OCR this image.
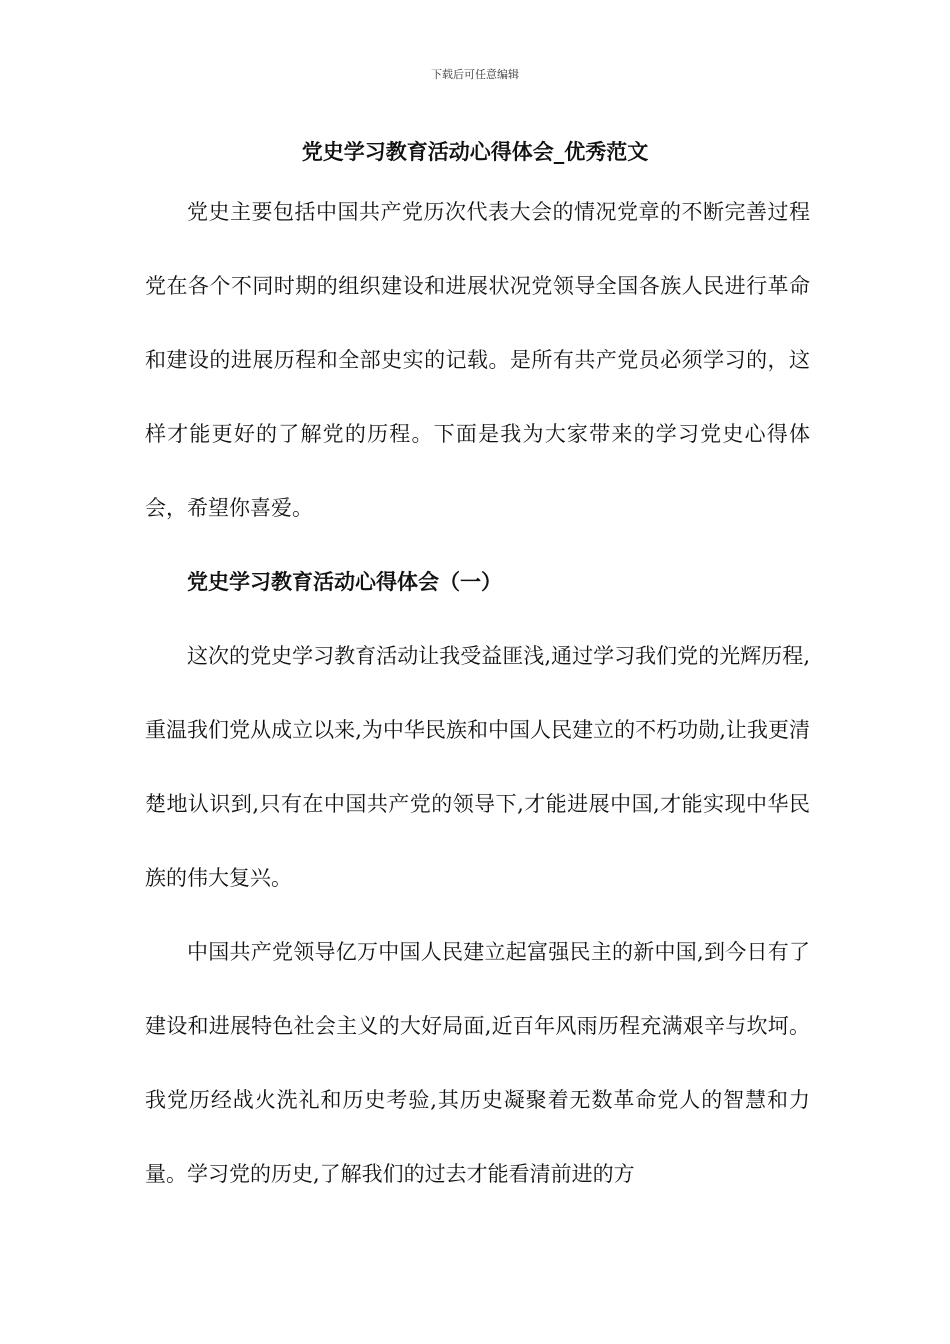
下载后可任意编辑
党史学习教育活动心得体会_优秀范文

党史主要包括中国共产党历次代表大会的情况党章的不断完善过程党在各个不同时期的组织建设和进展状况党领导全国各族人民进行革命和建设的进展历程和全部史实的记载。是所有共产党员必须学习的，这样才能更好的了解党的历程。下面是我为大家带来的学习党史心得体会，希望你喜爱。

党史学习教育活动心得体会（一）

这次的党史学习教育活动让我受益匪浅,通过学习我们党的光辉历程,重温我们党从成立以来,为中华民族和中国人民建立的不朽功勋,让我更清楚地认识到,只有在中国共产党的领导下,才能进展中国,才能实现中华民族的伟大复兴。

中国共产党领导亿万中国人民建立起富强民主的新中国,到今日有了建设和进展特色社会主义的大好局面,近百年风雨历程充满艰辛与坎坷。我党历经战火洗礼和历史考验,其历史凝聚着无数革命党人的智慧和力量。学习党的历史,了解我们的过去才能看清前进的方
